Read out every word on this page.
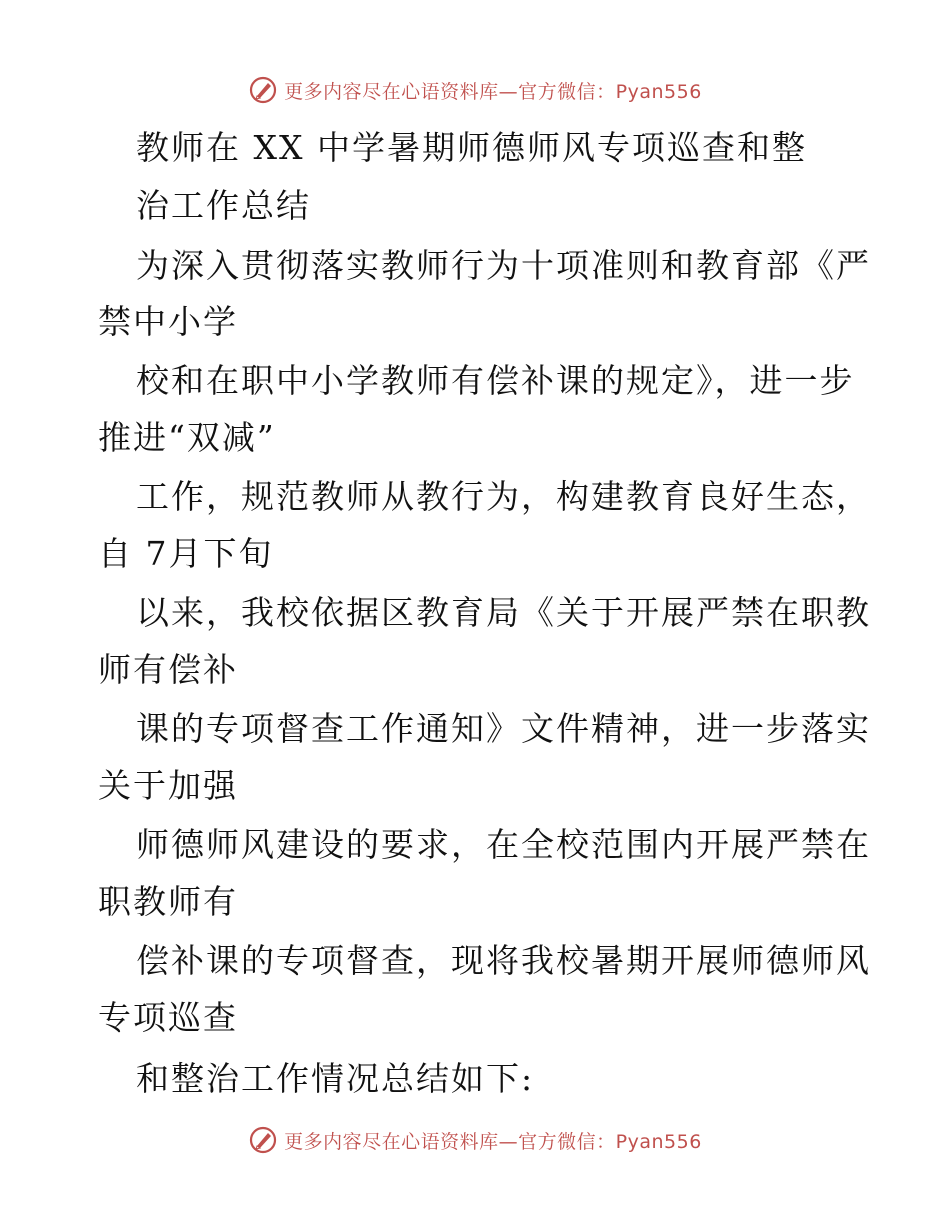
更多内容尽在心语资料库—官方微信：Pyan556
教师在 XX 中学暑期师德师风专项巡查和整
治工作总结
为深入贯彻落实教师行为十项准则和教育部《严
禁中小学
校和在职中小学教师有偿补课的规定》，进一步
推进“双减”
工作，规范教师从教行为，构建教育良好生态，
自 7月下旬
以来，我校依据区教育局《关于开展严禁在职教
师有偿补
课的专项督查工作通知》文件精神，进一步落实
关于加强
师德师风建设的要求，在全校范围内开展严禁在
职教师有
偿补课的专项督查，现将我校暑期开展师德师风
专项巡查
和整治工作情况总结如下:
更多内容尽在心语资料库—官方微信：Pyan556
